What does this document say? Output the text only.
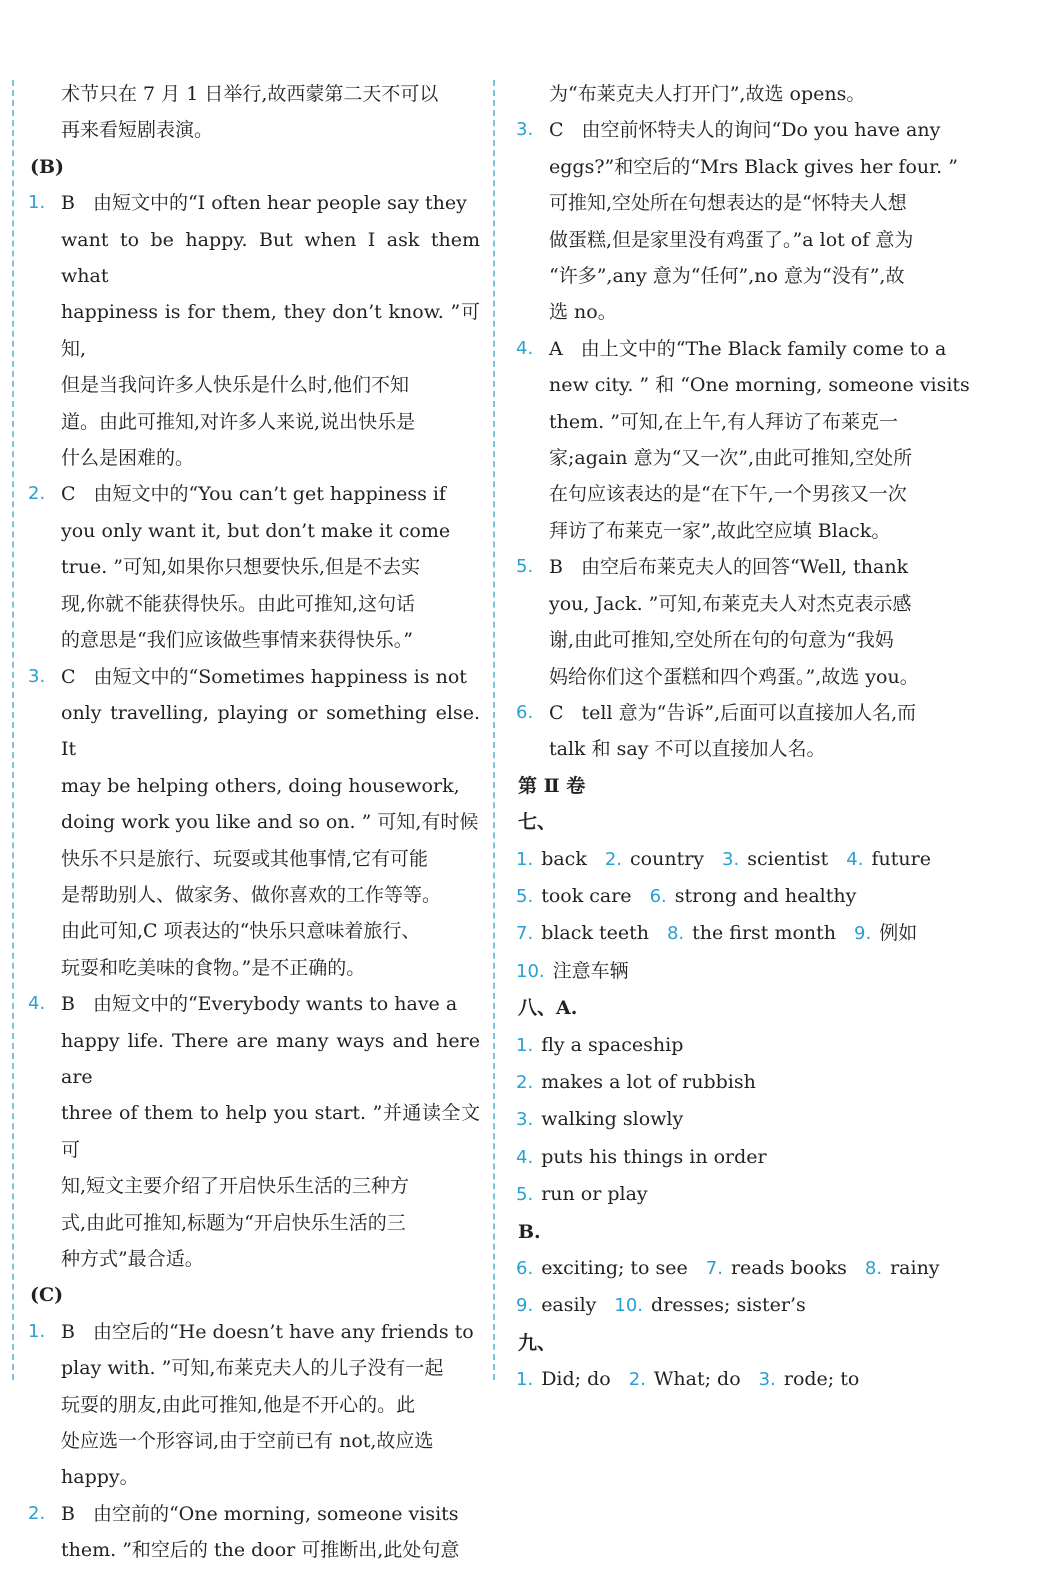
术节只在 7 月 1 日举行,故西蒙第二天不可以
再来看短剧表演。
(B)
1. B 由短文中的“I often hear people say they
want to be happy. But when I ask them what
happiness is for them, they don’t know. ”可知,
但是当我问许多人快乐是什么时,他们不知
道。由此可推知,对许多人来说,说出快乐是
什么是困难的。
2. C 由短文中的“You can’t get happiness if
you only want it, but don’t make it come
true. ”可知,如果你只想要快乐,但是不去实
现,你就不能获得快乐。由此可推知,这句话
的意思是“我们应该做些事情来获得快乐。”
3. C 由短文中的“Sometimes happiness is not
only travelling, playing or something else. It
may be helping others, doing housework,
doing work you like and so on. ” 可知,有时候
快乐不只是旅行、玩耍或其他事情,它有可能
是帮助别人、做家务、做你喜欢的工作等等。
由此可知,C 项表达的“快乐只意味着旅行、
玩耍和吃美味的食物。”是不正确的。
4. B 由短文中的“Everybody wants to have a
happy life. There are many ways and here are
three of them to help you start. ”并通读全文可
知,短文主要介绍了开启快乐生活的三种方
式,由此可推知,标题为“开启快乐生活的三
种方式”最合适。
(C)
1. B 由空后的“He doesn’t have any friends to
play with. ”可知,布莱克夫人的儿子没有一起
玩耍的朋友,由此可推知,他是不开心的。此
处应选一个形容词,由于空前已有 not,故应选
happy。
2. B 由空前的“One morning, someone visits
them. ”和空后的 the door 可推断出,此处句意
为“布莱克夫人打开门”,故选 opens。
3. C 由空前怀特夫人的询问“Do you have any
eggs?”和空后的“Mrs Black gives her four. ”
可推知,空处所在句想表达的是“怀特夫人想
做蛋糕,但是家里没有鸡蛋了。”a lot of 意为
“许多”,any 意为“任何”,no 意为“没有”,故
选 no。
4. A 由上文中的“The Black family come to a
new city. ” 和 “One morning, someone visits
them. ”可知,在上午,有人拜访了布莱克一
家;again 意为“又一次”,由此可推知,空处所
在句应该表达的是“在下午,一个男孩又一次
拜访了布莱克一家”,故此空应填 Black。
5. B 由空后布莱克夫人的回答“Well, thank
you, Jack. ”可知,布莱克夫人对杰克表示感
谢,由此可推知,空处所在句的句意为“我妈
妈给你们这个蛋糕和四个鸡蛋。”,故选 you。
6. C tell 意为“告诉”,后面可以直接加人名,而
talk 和 say 不可以直接加人名。
第 Ⅱ 卷
七、
1. back 2. country 3. scientist 4. future
5. took care 6. strong and healthy
7. black teeth 8. the first month 9. 例如
10. 注意车辆
八、A.
1. fly a spaceship
2. makes a lot of rubbish
3. walking slowly
4. puts his things in order
5. run or play
B.
6. exciting; to see 7. reads books 8. rainy
9. easily 10. dresses; sister’s
九、
1. Did; do 2. What; do 3. rode; to
